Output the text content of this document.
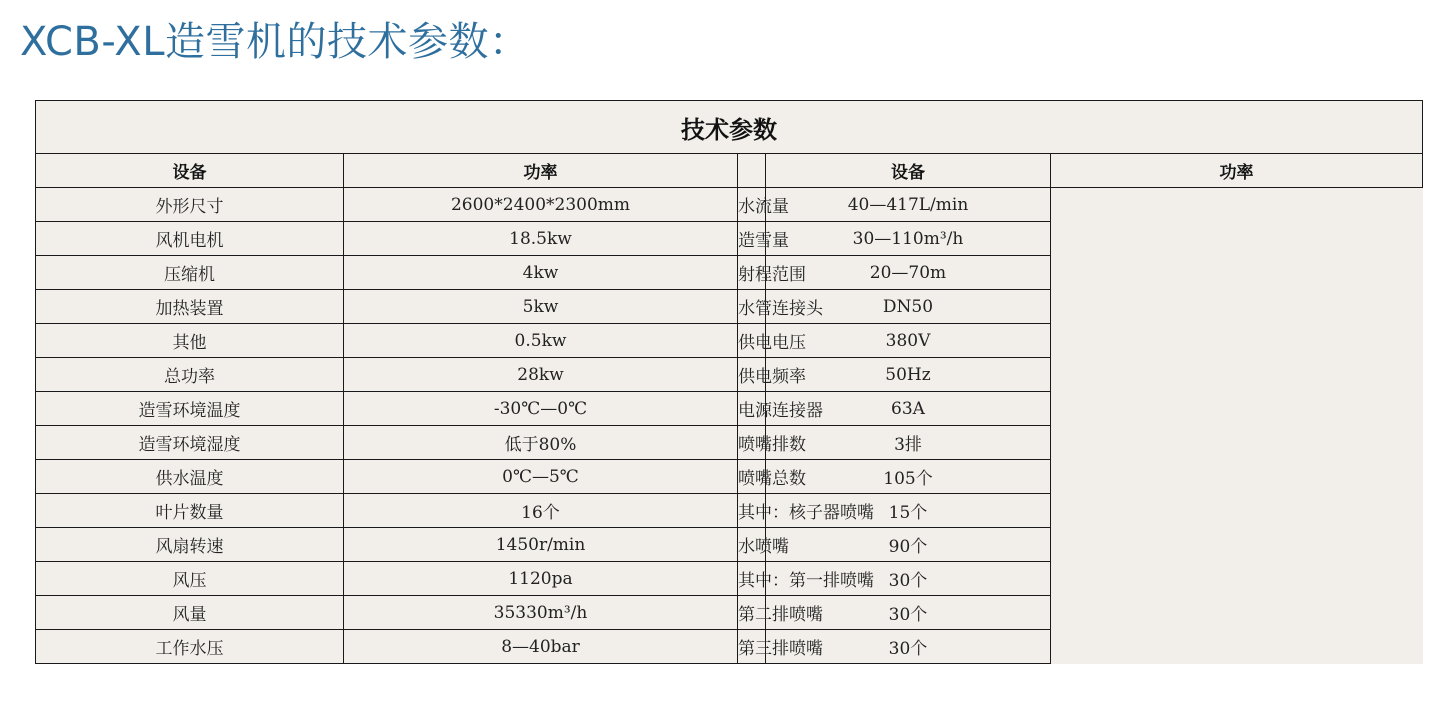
XCB-XL造雪机的技术参数：
技术参数				
设备	功率		设备	功率
外形尺寸	2600*2400*2300mm	水流量	40—417L/min	
风机电机	18.5kw	造雪量	30—110m³/h	
压缩机	4kw	射程范围	20—70m	
加热装置	5kw	水管连接头	DN50	
其他	0.5kw	供电电压	380V	
总功率	28kw	供电频率	50Hz	
造雪环境温度	-30℃—0℃	电源连接器	63A	
造雪环境湿度	低于80%	喷嘴排数	3排	
供水温度	0℃—5℃	喷嘴总数	105个	
叶片数量	16个	其中：核子器喷嘴	15个	
风扇转速	1450r/min	水喷嘴	90个	
风压	1120pa	其中：第一排喷嘴	30个	
风量	35330m³/h	第二排喷嘴	30个	
工作水压	8—40bar	第三排喷嘴	30个	
